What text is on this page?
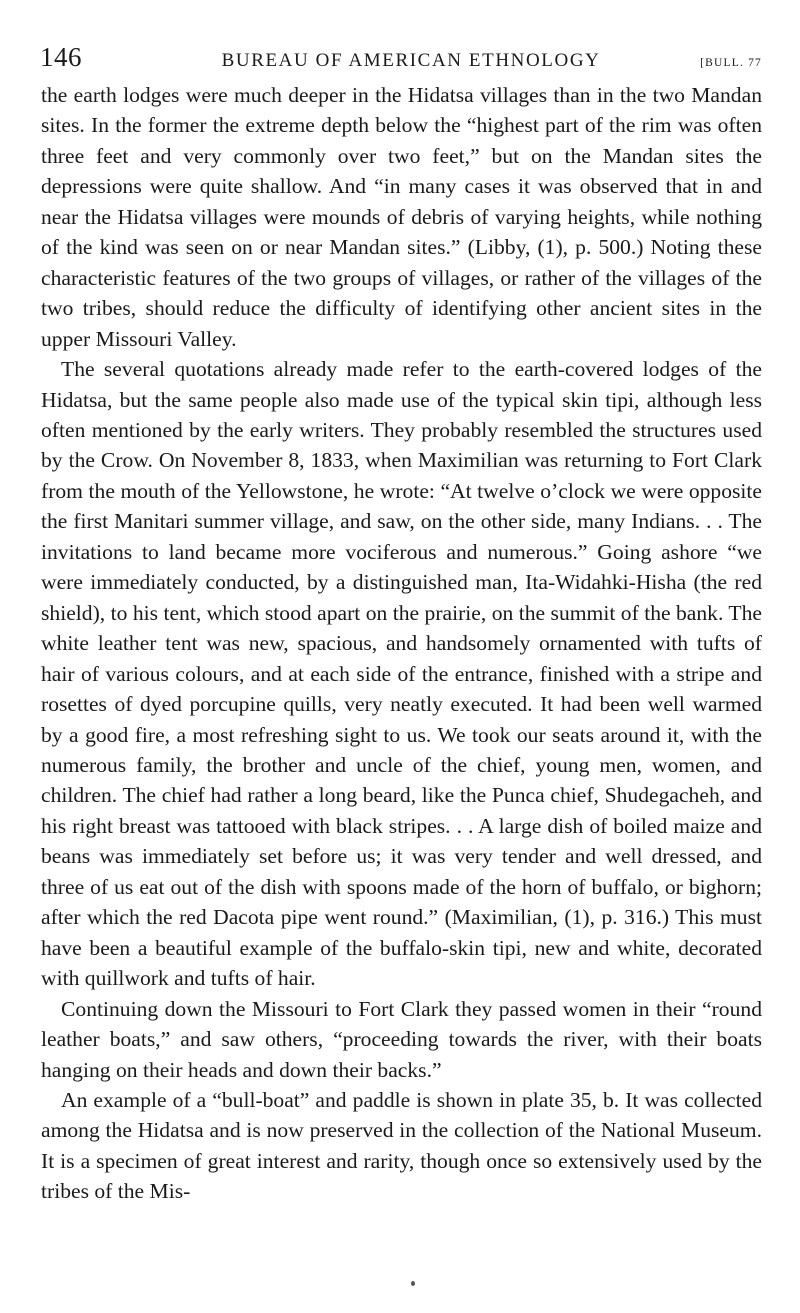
146	BUREAU OF AMERICAN ETHNOLOGY	[BULL. 77

the earth lodges were much deeper in the Hidatsa villages than in the two Mandan sites. In the former the extreme depth below the “highest part of the rim was often three feet and very commonly over two feet,” but on the Mandan sites the depressions were quite shallow. And “in many cases it was observed that in and near the Hidatsa villages were mounds of debris of varying heights, while nothing of the kind was seen on or near Mandan sites.” (Libby, (1), p. 500.) Noting these characteristic features of the two groups of villages, or rather of the villages of the two tribes, should reduce the difficulty of identifying other ancient sites in the upper Missouri Valley.

The several quotations already made refer to the earth-covered lodges of the Hidatsa, but the same people also made use of the typical skin tipi, although less often mentioned by the early writers. They probably resembled the structures used by the Crow. On November 8, 1833, when Maximilian was returning to Fort Clark from the mouth of the Yellowstone, he wrote: “At twelve o’clock we were opposite the first Manitari summer village, and saw, on the other side, many Indians. . . The invitations to land became more vociferous and numerous.” Going ashore “we were immediately conducted, by a distinguished man, Ita-Widahki-Hisha (the red shield), to his tent, which stood apart on the prairie, on the summit of the bank. The white leather tent was new, spacious, and handsomely ornamented with tufts of hair of various colours, and at each side of the entrance, finished with a stripe and rosettes of dyed porcupine quills, very neatly executed. It had been well warmed by a good fire, a most refreshing sight to us. We took our seats around it, with the numerous family, the brother and uncle of the chief, young men, women, and children. The chief had rather a long beard, like the Punca chief, Shudegacheh, and his right breast was tattooed with black stripes. . . A large dish of boiled maize and beans was immediately set before us; it was very tender and well dressed, and three of us eat out of the dish with spoons made of the horn of buffalo, or bighorn; after which the red Dacota pipe went round.” (Maximilian, (1), p. 316.) This must have been a beautiful example of the buffalo-skin tipi, new and white, decorated with quillwork and tufts of hair.

Continuing down the Missouri to Fort Clark they passed women in their “round leather boats,” and saw others, “proceeding towards the river, with their boats hanging on their heads and down their backs.”

An example of a “bull-boat” and paddle is shown in plate 35, b. It was collected among the Hidatsa and is now preserved in the collection of the National Museum. It is a specimen of great interest and rarity, though once so extensively used by the tribes of the Mis-
